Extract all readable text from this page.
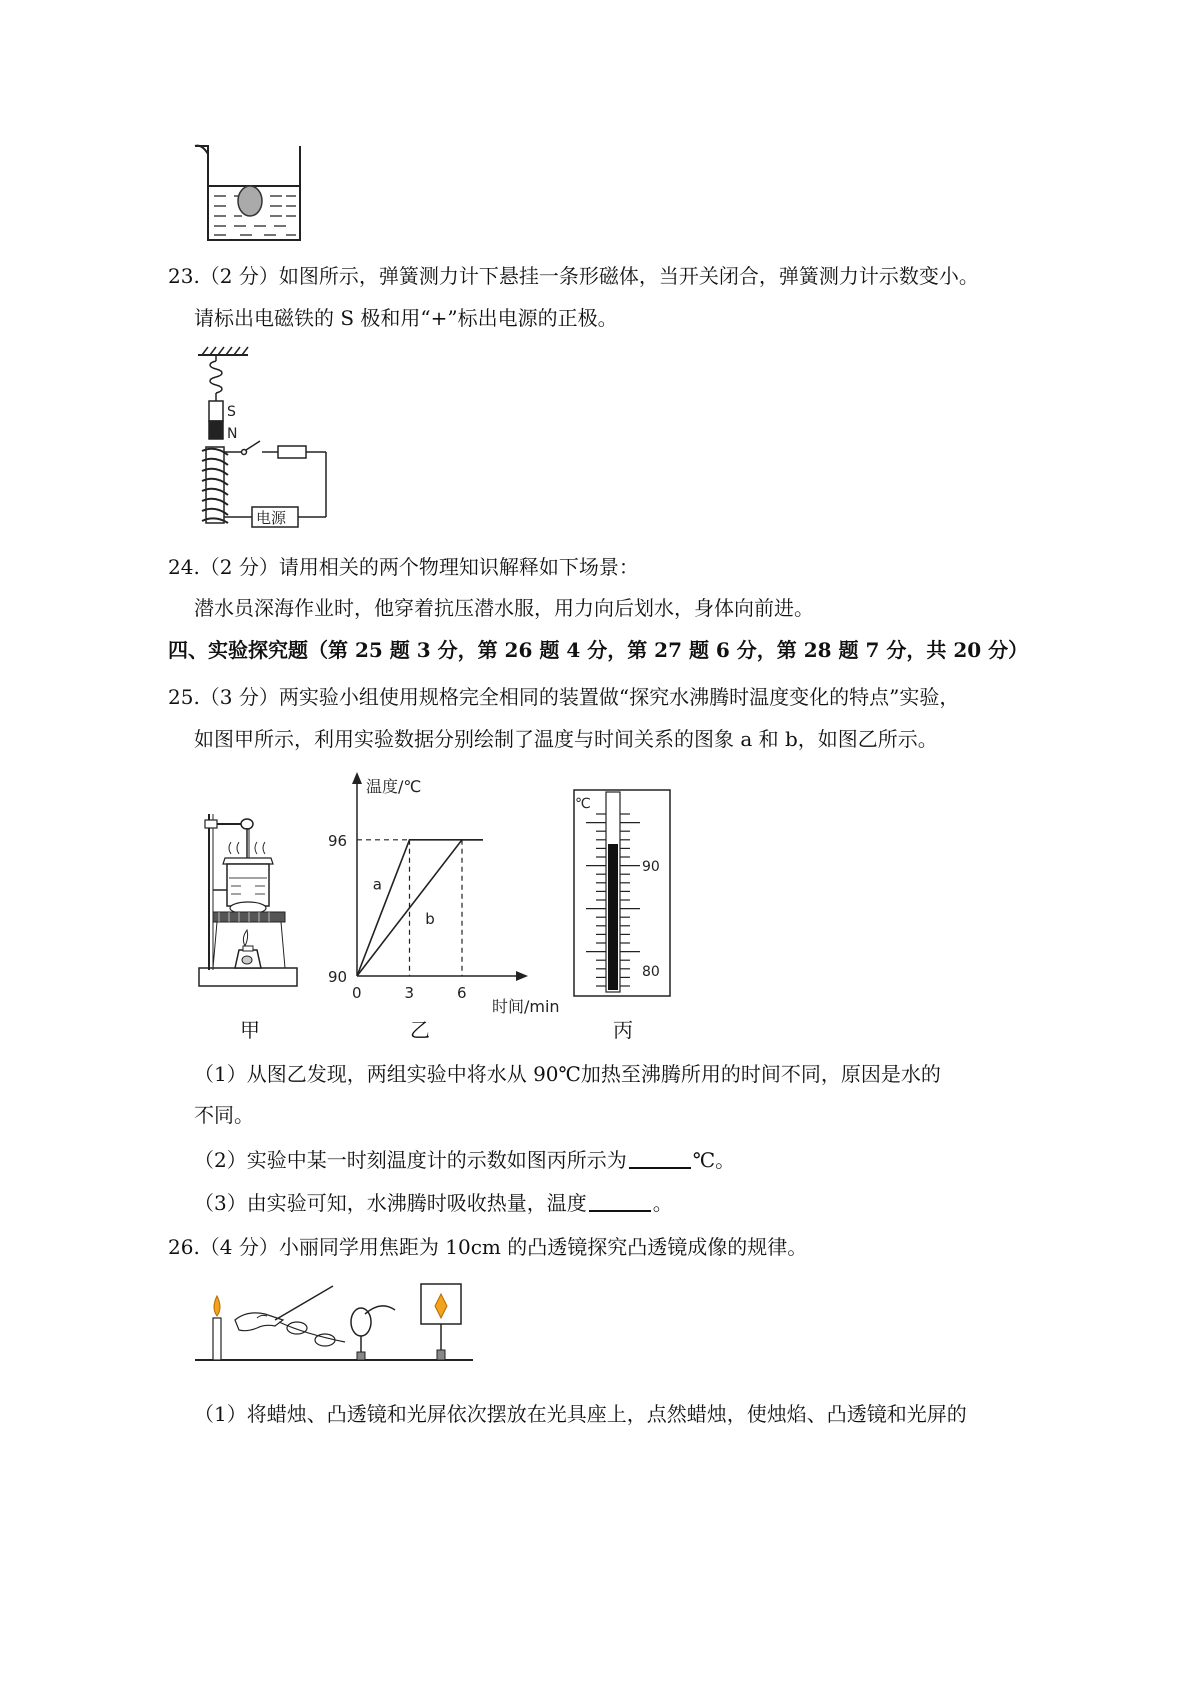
23.（2 分）如图所示，弹簧测力计下悬挂一条形磁体，当开关闭合，弹簧测力计示数变小。
请标出电磁铁的 S 极和用“+”标出电源的正极。
S
N
电源
24.（2 分）请用相关的两个物理知识解释如下场景：
潜水员深海作业时，他穿着抗压潜水服，用力向后划水，身体向前进。
四、实验探究题（第 25 题 3 分，第 26 题 4 分，第 27 题 6 分，第 28 题 7 分，共 20 分）
25.（3 分）两实验小组使用规格完全相同的装置做“探究水沸腾时温度变化的特点”实验，
如图甲所示，利用实验数据分别绘制了温度与时间关系的图象 a 和 b，如图乙所示。
温度/℃
时间/min
90
96
0	3	6
a
b
℃
90
80
甲	乙	丙
（1）从图乙发现，两组实验中将水从 90℃加热至沸腾所用的时间不同，原因是水的
不同。
（2）实验中某一时刻温度计的示数如图丙所示为	℃。
（3）由实验可知，水沸腾时吸收热量，温度	。
26.（4 分）小丽同学用焦距为 10cm 的凸透镜探究凸透镜成像的规律。
（1）将蜡烛、凸透镜和光屏依次摆放在光具座上，点然蜡烛，使烛焰、凸透镜和光屏的
